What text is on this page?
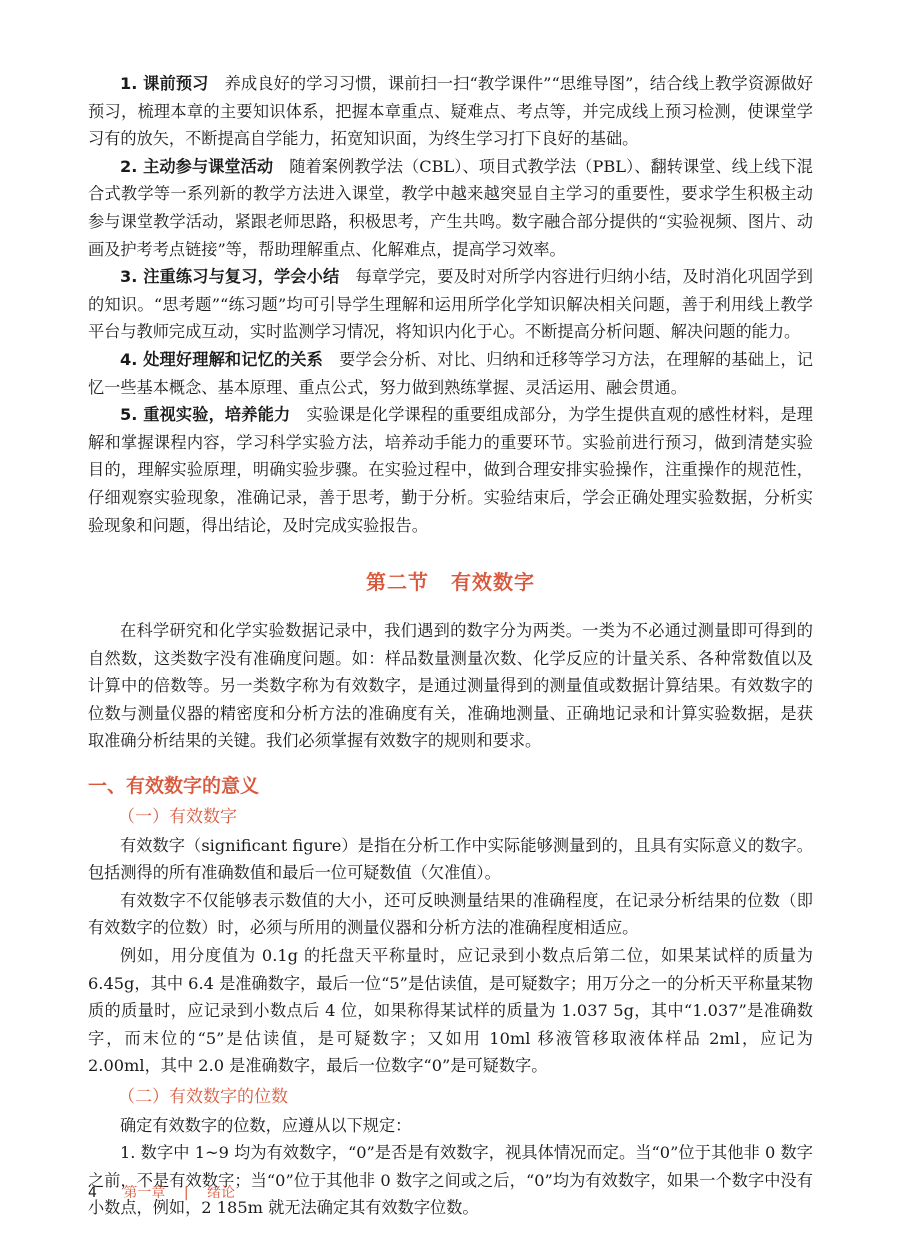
1. 课前预习 养成良好的学习习惯，课前扫一扫“教学课件”“思维导图”，结合线上教学资源做好预习，梳理本章的主要知识体系，把握本章重点、疑难点、考点等，并完成线上预习检测，使课堂学习有的放矢，不断提高自学能力，拓宽知识面，为终生学习打下良好的基础。

2. 主动参与课堂活动 随着案例教学法（CBL）、项目式教学法（PBL）、翻转课堂、线上线下混合式教学等一系列新的教学方法进入课堂，教学中越来越突显自主学习的重要性，要求学生积极主动参与课堂教学活动，紧跟老师思路，积极思考，产生共鸣。数字融合部分提供的“实验视频、图片、动画及护考考点链接”等，帮助理解重点、化解难点，提高学习效率。

3. 注重练习与复习，学会小结 每章学完，要及时对所学内容进行归纳小结，及时消化巩固学到的知识。“思考题”“练习题”均可引导学生理解和运用所学化学知识解决相关问题，善于利用线上教学平台与教师完成互动，实时监测学习情况，将知识内化于心。不断提高分析问题、解决问题的能力。

4. 处理好理解和记忆的关系 要学会分析、对比、归纳和迁移等学习方法，在理解的基础上，记忆一些基本概念、基本原理、重点公式，努力做到熟练掌握、灵活运用、融会贯通。

5. 重视实验，培养能力 实验课是化学课程的重要组成部分，为学生提供直观的感性材料，是理解和掌握课程内容，学习科学实验方法，培养动手能力的重要环节。实验前进行预习，做到清楚实验目的，理解实验原理，明确实验步骤。在实验过程中，做到合理安排实验操作，注重操作的规范性，仔细观察实验现象，准确记录，善于思考，勤于分析。实验结束后，学会正确处理实验数据，分析实验现象和问题，得出结论，及时完成实验报告。

第二节 有效数字

在科学研究和化学实验数据记录中，我们遇到的数字分为两类。一类为不必通过测量即可得到的自然数，这类数字没有准确度问题。如：样品数量测量次数、化学反应的计量关系、各种常数值以及计算中的倍数等。另一类数字称为有效数字，是通过测量得到的测量值或数据计算结果。有效数字的位数与测量仪器的精密度和分析方法的准确度有关，准确地测量、正确地记录和计算实验数据，是获取准确分析结果的关键。我们必须掌握有效数字的规则和要求。

一、有效数字的意义
（一）有效数字

有效数字（significant figure）是指在分析工作中实际能够测量到的，且具有实际意义的数字。包括测得的所有准确数值和最后一位可疑数值（欠准值）。

有效数字不仅能够表示数值的大小，还可反映测量结果的准确程度，在记录分析结果的位数（即有效数字的位数）时，必须与所用的测量仪器和分析方法的准确程度相适应。

例如，用分度值为 0.1g 的托盘天平称量时，应记录到小数点后第二位，如果某试样的质量为 6.45g，其中 6.4 是准确数字，最后一位“5”是估读值，是可疑数字；用万分之一的分析天平称量某物质的质量时，应记录到小数点后 4 位，如果称得某试样的质量为 1.037 5g，其中“1.037”是准确数字，而末位的“5”是估读值，是可疑数字；又如用 10ml 移液管移取液体样品 2ml，应记为 2.00ml，其中 2.0 是准确数字，最后一位数字“0”是可疑数字。

（二）有效数字的位数

确定有效数字的位数，应遵从以下规定：

1. 数字中 1~9 均为有效数字，“0”是否是有效数字，视具体情况而定。当“0”位于其他非 0 数字之前，不是有效数字；当“0”位于其他非 0 数字之间或之后，“0”均为有效数字，如果一个数字中没有小数点，例如，2 185m 就无法确定其有效数字位数。

4 第一章 | 绪论
